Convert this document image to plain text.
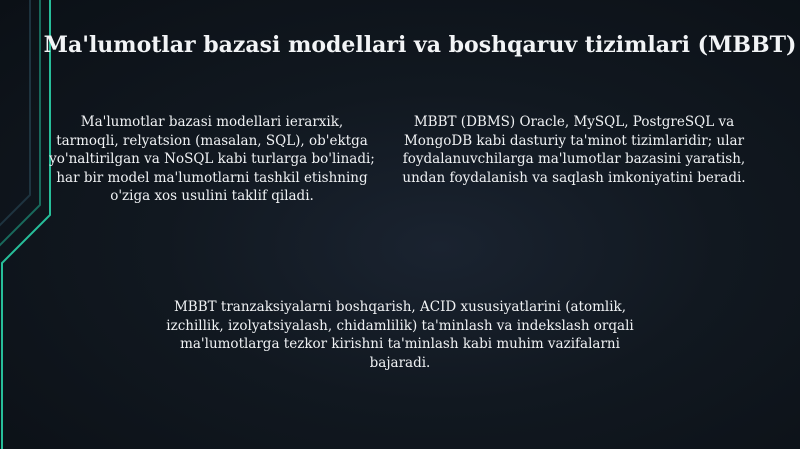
Ma'lumotlar bazasi modellari va boshqaruv tizimlari (MBBT)
Ma'lumotlar bazasi modellari ierarxik, tarmoqli, relyatsion (masalan, SQL), ob'ektga yo'naltirilgan va NoSQL kabi turlarga bo'linadi; har bir model ma'lumotlarni tashkil etishning o'ziga xos usulini taklif qiladi.
MBBT (DBMS) Oracle, MySQL, PostgreSQL va MongoDB kabi dasturiy ta'minot tizimlaridir; ular foydalanuvchilarga ma'lumotlar bazasini yaratish, undan foydalanish va saqlash imkoniyatini beradi.
MBBT tranzaksiyalarni boshqarish, ACID xususiyatlarini (atomlik, izchillik, izolyatsiyalash, chidamlilik) ta'minlash va indekslash orqali ma'lumotlarga tezkor kirishni ta'minlash kabi muhim vazifalarni bajaradi.
